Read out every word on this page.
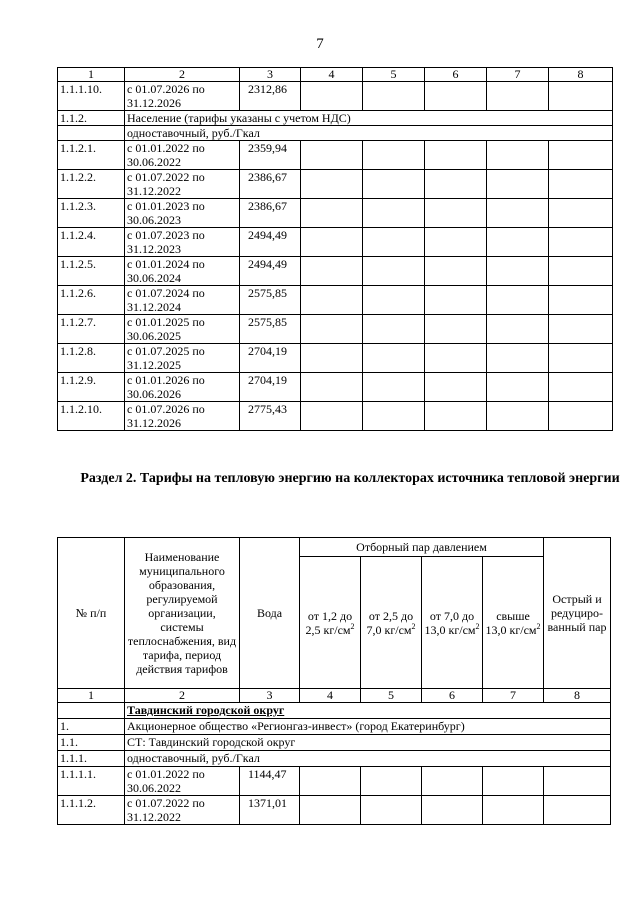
7
1	2	3	4	5	6	7	8
1.1.1.10.	с 01.07.2026 по 31.12.2026	2312,86					
1.1.2.	Население (тарифы указаны с учетом НДС)						
	одноставочный, руб./Гкал						
1.1.2.1.	с 01.01.2022 по 30.06.2022	2359,94					
1.1.2.2.	с 01.07.2022 по 31.12.2022	2386,67					
1.1.2.3.	с 01.01.2023 по 30.06.2023	2386,67					
1.1.2.4.	с 01.07.2023 по 31.12.2023	2494,49					
1.1.2.5.	с 01.01.2024 по 30.06.2024	2494,49					
1.1.2.6.	с 01.07.2024 по 31.12.2024	2575,85					
1.1.2.7.	с 01.01.2025 по 30.06.2025	2575,85					
1.1.2.8.	с 01.07.2025 по 31.12.2025	2704,19					
1.1.2.9.	с 01.01.2026 по 30.06.2026	2704,19					
1.1.2.10.	с 01.07.2026 по 31.12.2026	2775,43					
Раздел 2. Тарифы на тепловую энергию на коллекторах источника тепловой энергии
№ п/п	Наименование муниципального образования, регулируемой организации, системы теплоснабжения, вид тарифа, период действия тарифов	Вода	Отборный пар давлением				Острый и редуциро-ванный пар
			от 1,2 до 2,5 $кг/см^2$	от 2,5 до 7,0 $кг/см^2$	от 7,0 до 13,0 $кг/см^2$	свыше 13,0 $кг/см^2$
1	2	3	4	5	6	7	8
	Тавдинский городской округ						
1.	Акционерное общество «Регионгаз-инвест» (город Екатеринбург)						
1.1.	СТ: Тавдинский городской округ						
1.1.1.	одноставочный, руб./Гкал						
1.1.1.1.	с 01.01.2022 по 30.06.2022	1144,47					
1.1.1.2.	с 01.07.2022 по 31.12.2022	1371,01					
